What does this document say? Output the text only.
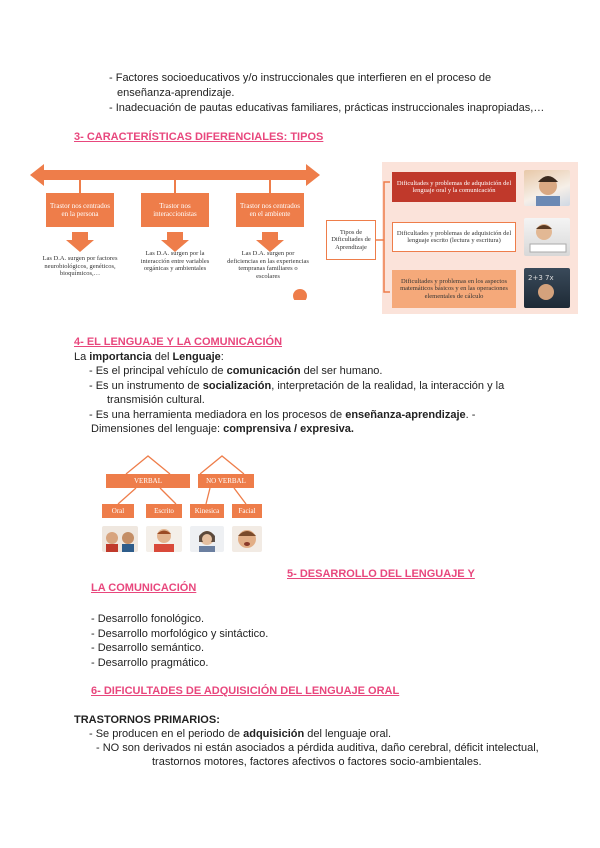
- Factores socioeducativos y/o instruccionales que interfieren en el proceso de
enseñanza-aprendizaje.
- Inadecuación de pautas educativas familiares, prácticas instruccionales inapropiadas,…
3- CARACTERÍSTICAS DIFERENCIALES: TIPOS
Trastor nos centrados en la persona
Trastor nos interaccionistas
Trastor nos centrados en el ambiente
Las D.A. surgen por factores neurobiológicos, genéticos, bioquímicos,…
Las D.A. surgen por la interacción entre variables orgánicas y ambientales
Las D.A. surgen por deficiencias en las experiencias tempranas familiares o escolares
Tipos de Dificultades de Aprendizaje
Dificultades y problemas de adquisición del lenguaje oral y la comunicación
Dificultades y problemas de adquisición del lenguaje escrito (lectura y escritura)
Dificultades y problemas en los aspectos matemáticos básicos y en las operaciones elementales de cálculo
2+3 7x
4- EL LENGUAJE Y LA COMUNICACIÓN
La importancia del Lenguaje:
- Es el principal vehículo de comunicación del ser humano.
- Es un instrumento de socialización, interpretación de la realidad, la interacción y la
transmisión cultural.
- Es una herramienta mediadora en los procesos de enseñanza-aprendizaje. -
Dimensiones del lenguaje: comprensiva / expresiva.
VERBAL	NO VERBAL
Oral	Escrito	Kinesica	Facial
5- DESARROLLO DEL LENGUAJE Y
LA COMUNICACIÓN
- Desarrollo fonológico.
- Desarrollo morfológico y sintáctico.
- Desarrollo semántico.
- Desarrollo pragmático.
6- DIFICULTADES DE ADQUISICIÓN DEL LENGUAJE ORAL
TRASTORNOS PRIMARIOS:
- Se producen en el periodo de adquisición del lenguaje oral.
- NO son derivados ni están asociados a pérdida auditiva, daño cerebral, déficit intelectual,
trastornos motores, factores afectivos o factores socio-ambientales.
